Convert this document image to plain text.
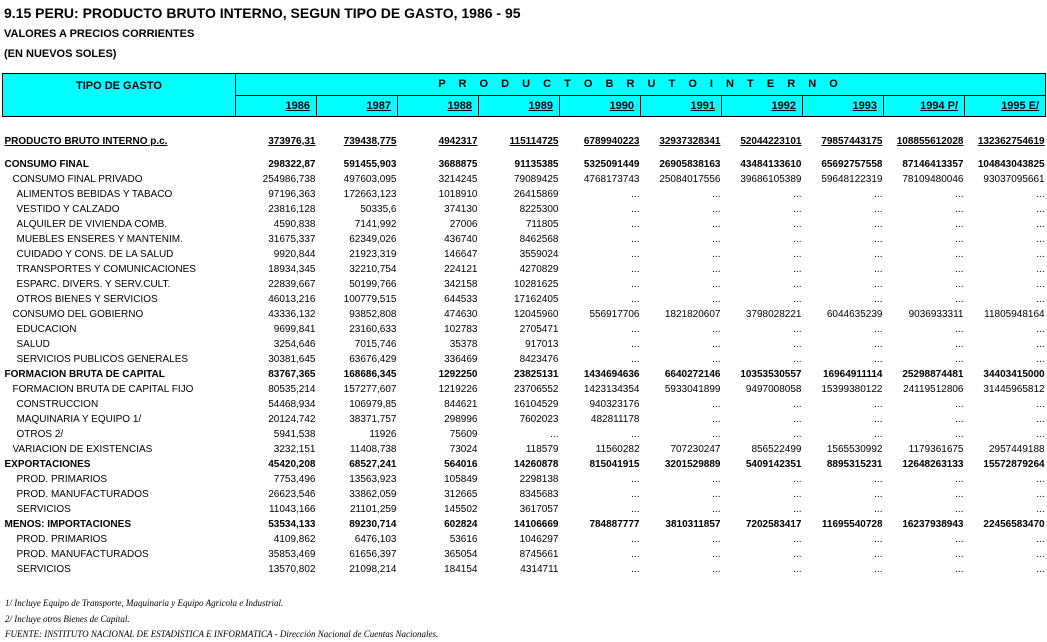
9.15 PERU: PRODUCTO BRUTO INTERNO, SEGUN TIPO DE GASTO, 1986 - 95
VALORES A PRECIOS CORRIENTES
(EN NUEVOS SOLES)
TIPO DE GASTO	P R O D U C T O B R U T O I N T E R N O									
	1986	1987	1988	1989	1990	1991	1992	1993	1994 P/	1995 E/

PRODUCTO BRUTO INTERNO p.c.	373976,31	739438,775	4942317	115114725	6789940223	32937328341	52044223101	79857443175	108855612028	132362754619

CONSUMO FINAL	298322,87	591455,903	3688875	91135385	5325091449	26905838163	43484133610	65692757558	87146413357	104843043825
CONSUMO FINAL PRIVADO	254986,738	497603,095	3214245	79089425	4768173743	25084017556	39686105389	59648122319	78109480046	93037095661
ALIMENTOS BEBIDAS Y TABACO	97196,363	172663,123	1018910	26415869	...	...	...	...	...	...
VESTIDO Y CALZADO	23816,128	50335,6	374130	8225300	...	...	...	...	...	...
ALQUILER DE VIVIENDA COMB.	4590,838	7141,992	27006	711805	...	...	...	...	...	...
MUEBLES ENSERES Y MANTENIM.	31675,337	62349,026	436740	8462568	...	...	...	...	...	...
CUIDADO Y CONS. DE LA SALUD	9920,844	21923,319	146647	3559024	...	...	...	...	...	...
TRANSPORTES Y COMUNICACIONES	18934,345	32210,754	224121	4270829	...	...	...	...	...	...
ESPARC. DIVERS. Y SERV.CULT.	22839,667	50199,766	342158	10281625	...	...	...	...	...	...
OTROS BIENES Y SERVICIOS	46013,216	100779,515	644533	17162405	...	...	...	...	...	...
CONSUMO DEL GOBIERNO	43336,132	93852,808	474630	12045960	556917706	1821820607	3798028221	6044635239	9036933311	11805948164
EDUCACION	9699,841	23160,633	102783	2705471	...	...	...	...	...	...
SALUD	3254,646	7015,746	35378	917013	...	...	...	...	...	...
SERVICIOS PUBLICOS GENERALES	30381,645	63676,429	336469	8423476	...	...	...	...	...	...
FORMACION BRUTA DE CAPITAL	83767,365	168686,345	1292250	23825131	1434694636	6640272146	10353530557	16964911114	25298874481	34403415000
FORMACION BRUTA DE CAPITAL FIJO	80535,214	157277,607	1219226	23706552	1423134354	5933041899	9497008058	15399380122	24119512806	31445965812
CONSTRUCCION	54468,934	106979,85	844621	16104529	940323176	...	...	...	...	...
MAQUINARIA Y EQUIPO 1/	20124,742	38371,757	298996	7602023	482811178	...	...	...	...	...
OTROS 2/	5941,538	11926	75609	...	...	...	...	...	...	...
VARIACION DE EXISTENCIAS	3232,151	11408,738	73024	118579	11560282	707230247	856522499	1565530992	1179361675	2957449188
EXPORTACIONES	45420,208	68527,241	564016	14260878	815041915	3201529889	5409142351	8895315231	12648263133	15572879264
PROD. PRIMARIOS	7753,496	13563,923	105849	2298138	...	...	...	...	...	...
PROD. MANUFACTURADOS	26623,546	33862,059	312665	8345683	...	...	...	...	...	...
SERVICIOS	11043,166	21101,259	145502	3617057	...	...	...	...	...	...
MENOS: IMPORTACIONES	53534,133	89230,714	602824	14106669	784887777	3810311857	7202583417	11695540728	16237938943	22456583470
PROD. PRIMARIOS	4109,862	6476,103	53616	1046297	...	...	...	...	...	...
PROD. MANUFACTURADOS	35853,469	61656,397	365054	8745661	...	...	...	...	...	...
SERVICIOS	13570,802	21098,214	184154	4314711	...	...	...	...	...	...
1/ Incluye Equipo de Transporte, Maquinaria y Equipo Agricola e Industrial.
2/ Incluye otros Bienes de Capital.
FUENTE: INSTITUTO NACIONAL DE ESTADISTICA E INFORMATICA - Dirección Nacional de Cuentas Nacionales.
